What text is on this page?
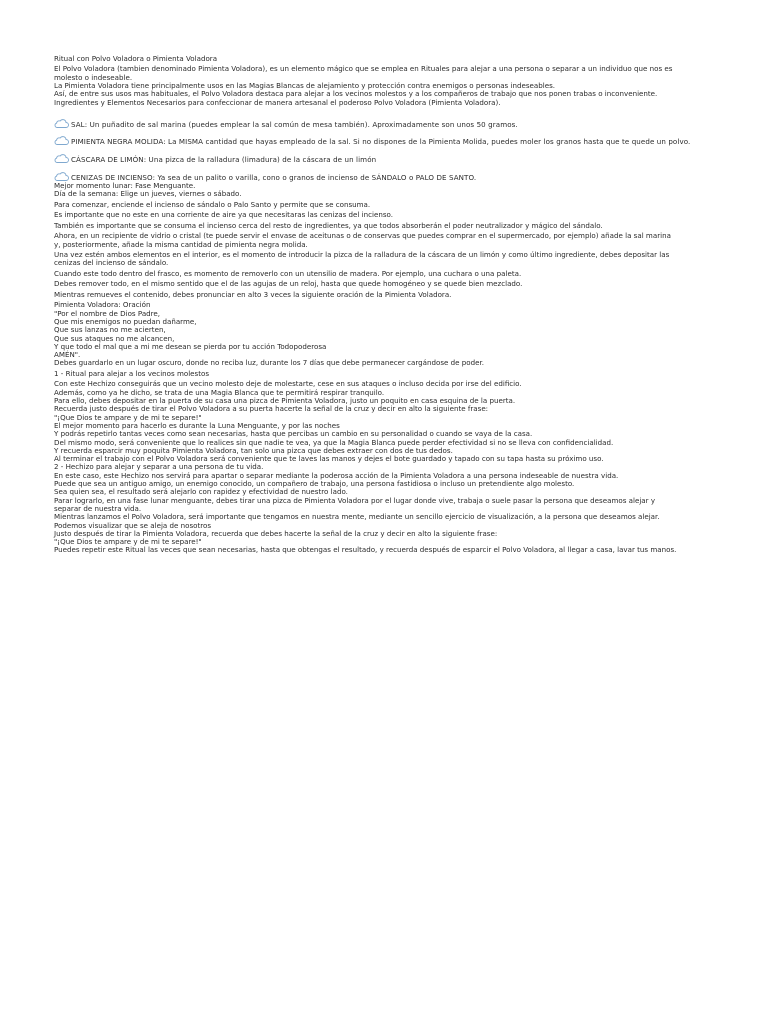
Ritual con Polvo Voladora o Pimienta Voladora
El Polvo Voladora (tambien denominado Pimienta Voladora), es un elemento mágico que se emplea en Rituales para alejar a una persona o separar a un individuo que nos es
molesto o indeseable.
La Pimienta Voladora tiene principalmente usos en las Magias Blancas de alejamiento y protección contra enemigos o personas indeseables.
Así, de entre sus usos mas habituales, el Polvo Voladora destaca para alejar a los vecinos molestos y a los compañeros de trabajo que nos ponen trabas o inconveniente.
Ingredientes y Elementos Necesarios para confeccionar de manera artesanal el poderoso Polvo Voladora (Pimienta Voladora).
SAL: Un puñadito de sal marina (puedes emplear la sal común de mesa también). Aproximadamente son unos 50 gramos.
PIMIENTA NEGRA MOLIDA: La MISMA cantidad que hayas empleado de la sal. Si no dispones de la Pimienta Molida, puedes moler los granos hasta que te quede un polvo.
CÁSCARA DE LIMÓN: Una pizca de la ralladura (limadura) de la cáscara de un limón
CENIZAS DE INCIENSO: Ya sea de un palito o varilla, cono o granos de incienso de SÁNDALO o PALO DE SANTO.
Mejor momento lunar: Fase Menguante.
Día de la semana: Elige un jueves, viernes o sábado.
Para comenzar, enciende el incienso de sándalo o Palo Santo y permite que se consuma.
Es importante que no este en una corriente de aire ya que necesitaras las cenizas del incienso.
También es importante que se consuma el incienso cerca del resto de ingredientes, ya que todos absorberán el poder neutralizador y mágico del sándalo.
Ahora, en un recipiente de vidrio o cristal (te puede servir el envase de aceitunas o de conservas que puedes comprar en el supermercado, por ejemplo) añade la sal marina
y, posteriormente, añade la misma cantidad de pimienta negra molida.
Una vez estén ambos elementos en el interior, es el momento de introducir la pizca de la ralladura de la cáscara de un limón y como último ingrediente, debes depositar las
cenizas del incienso de sándalo.
Cuando este todo dentro del frasco, es momento de removerlo con un utensilio de madera. Por ejemplo, una cuchara o una paleta.
Debes remover todo, en el mismo sentido que el de las agujas de un reloj, hasta que quede homogéneo y se quede bien mezclado.
Mientras remueves el contenido, debes pronunciar en alto 3 veces la siguiente oración de la Pimienta Voladora.
Pimienta Voladora: Oración
"Por el nombre de Dios Padre,
Que mis enemigos no puedan dañarme,
Que sus lanzas no me acierten,
Que sus ataques no me alcancen,
Y que todo el mal que a mi me desean se pierda por tu acción Todopoderosa
AMÉN".
Debes guardarlo en un lugar oscuro, donde no reciba luz, durante los 7 días que debe permanecer cargándose de poder.
1 - Ritual para alejar a los vecinos molestos
Con este Hechizo conseguirás que un vecino molesto deje de molestarte, cese en sus ataques o incluso decida por irse del edificio.
Además, como ya he dicho, se trata de una Magia Blanca que te permitirá respirar tranquilo.
Para ello, debes depositar en la puerta de su casa una pizca de Pimienta Voladora, justo un poquito en casa esquina de la puerta.
Recuerda justo después de tirar el Polvo Voladora a su puerta hacerte la señal de la cruz y decir en alto la siguiente frase:
"¡Que Dios te ampare y de mi te separe!"
El mejor momento para hacerlo es durante la Luna Menguante, y por las noches
Y podrás repetirlo tantas veces como sean necesarias, hasta que percibas un cambio en su personalidad o cuando se vaya de la casa.
Del mismo modo, será conveniente que lo realices sin que nadie te vea, ya que la Magia Blanca puede perder efectividad si no se lleva con confidencialidad.
Y recuerda esparcir muy poquita Pimienta Voladora, tan solo una pizca que debes extraer con dos de tus dedos.
Al terminar el trabajo con el Polvo Voladora será conveniente que te laves las manos y dejes el bote guardado y tapado con su tapa hasta su próximo uso.
2 - Hechizo para alejar y separar a una persona de tu vida.
En este caso, este Hechizo nos servirá para apartar o separar mediante la poderosa acción de la Pimienta Voladora a una persona indeseable de nuestra vida.
Puede que sea un antiguo amigo, un enemigo conocido, un compañero de trabajo, una persona fastidiosa o incluso un pretendiente algo molesto.
Sea quien sea, el resultado será alejarlo con rapidez y efectividad de nuestro lado.
Parar lograrlo, en una fase lunar menguante, debes tirar una pizca de Pimienta Voladora por el lugar donde vive, trabaja o suele pasar la persona que deseamos alejar y
separar de nuestra vida.
Mientras lanzamos el Polvo Voladora, será importante que tengamos en nuestra mente, mediante un sencillo ejercicio de visualización, a la persona que deseamos alejar.
Podemos visualizar que se aleja de nosotros
Justo después de tirar la Pimienta Voladora, recuerda que debes hacerte la señal de la cruz y decir en alto la siguiente frase:
"¡Que Dios te ampare y de mi te separe!"
Puedes repetir este Ritual las veces que sean necesarias, hasta que obtengas el resultado, y recuerda después de esparcir el Polvo Voladora, al llegar a casa, lavar tus manos.
